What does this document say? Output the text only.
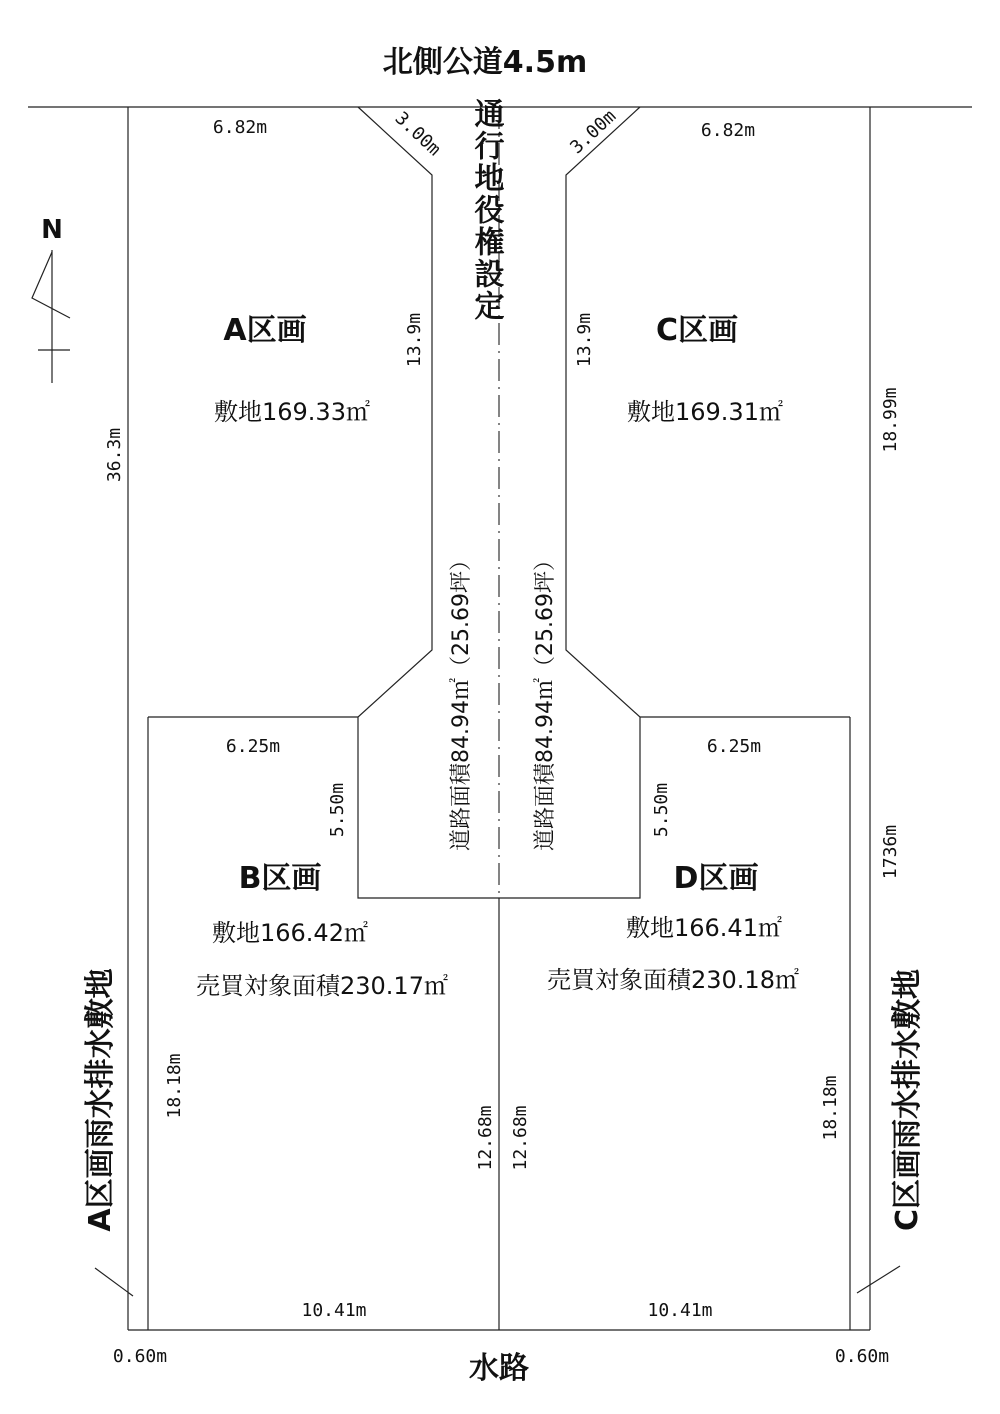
北側公道4.5m
N
A区画	C区画
B区画	D区画
敷地169.33㎡	敷地169.31㎡
敷地166.42㎡	敷地166.41㎡
売買対象面積230.17㎡	売買対象面積230.18㎡
通行地役権設定
道路面積84.94㎡（25.69坪）	道路面積84.94㎡（25.69坪）
A区画雨水排水敷地	C区画雨水排水敷地
水路
6.82m	6.82m
6.25m	6.25m
10.41m	10.41m
0.60m	0.60m
3.00m	3.00m
13.9m	13.9m
36.3m
18.99m
1736m
5.50m	5.50m
18.18m	18.18m
12.68m 12.68m
